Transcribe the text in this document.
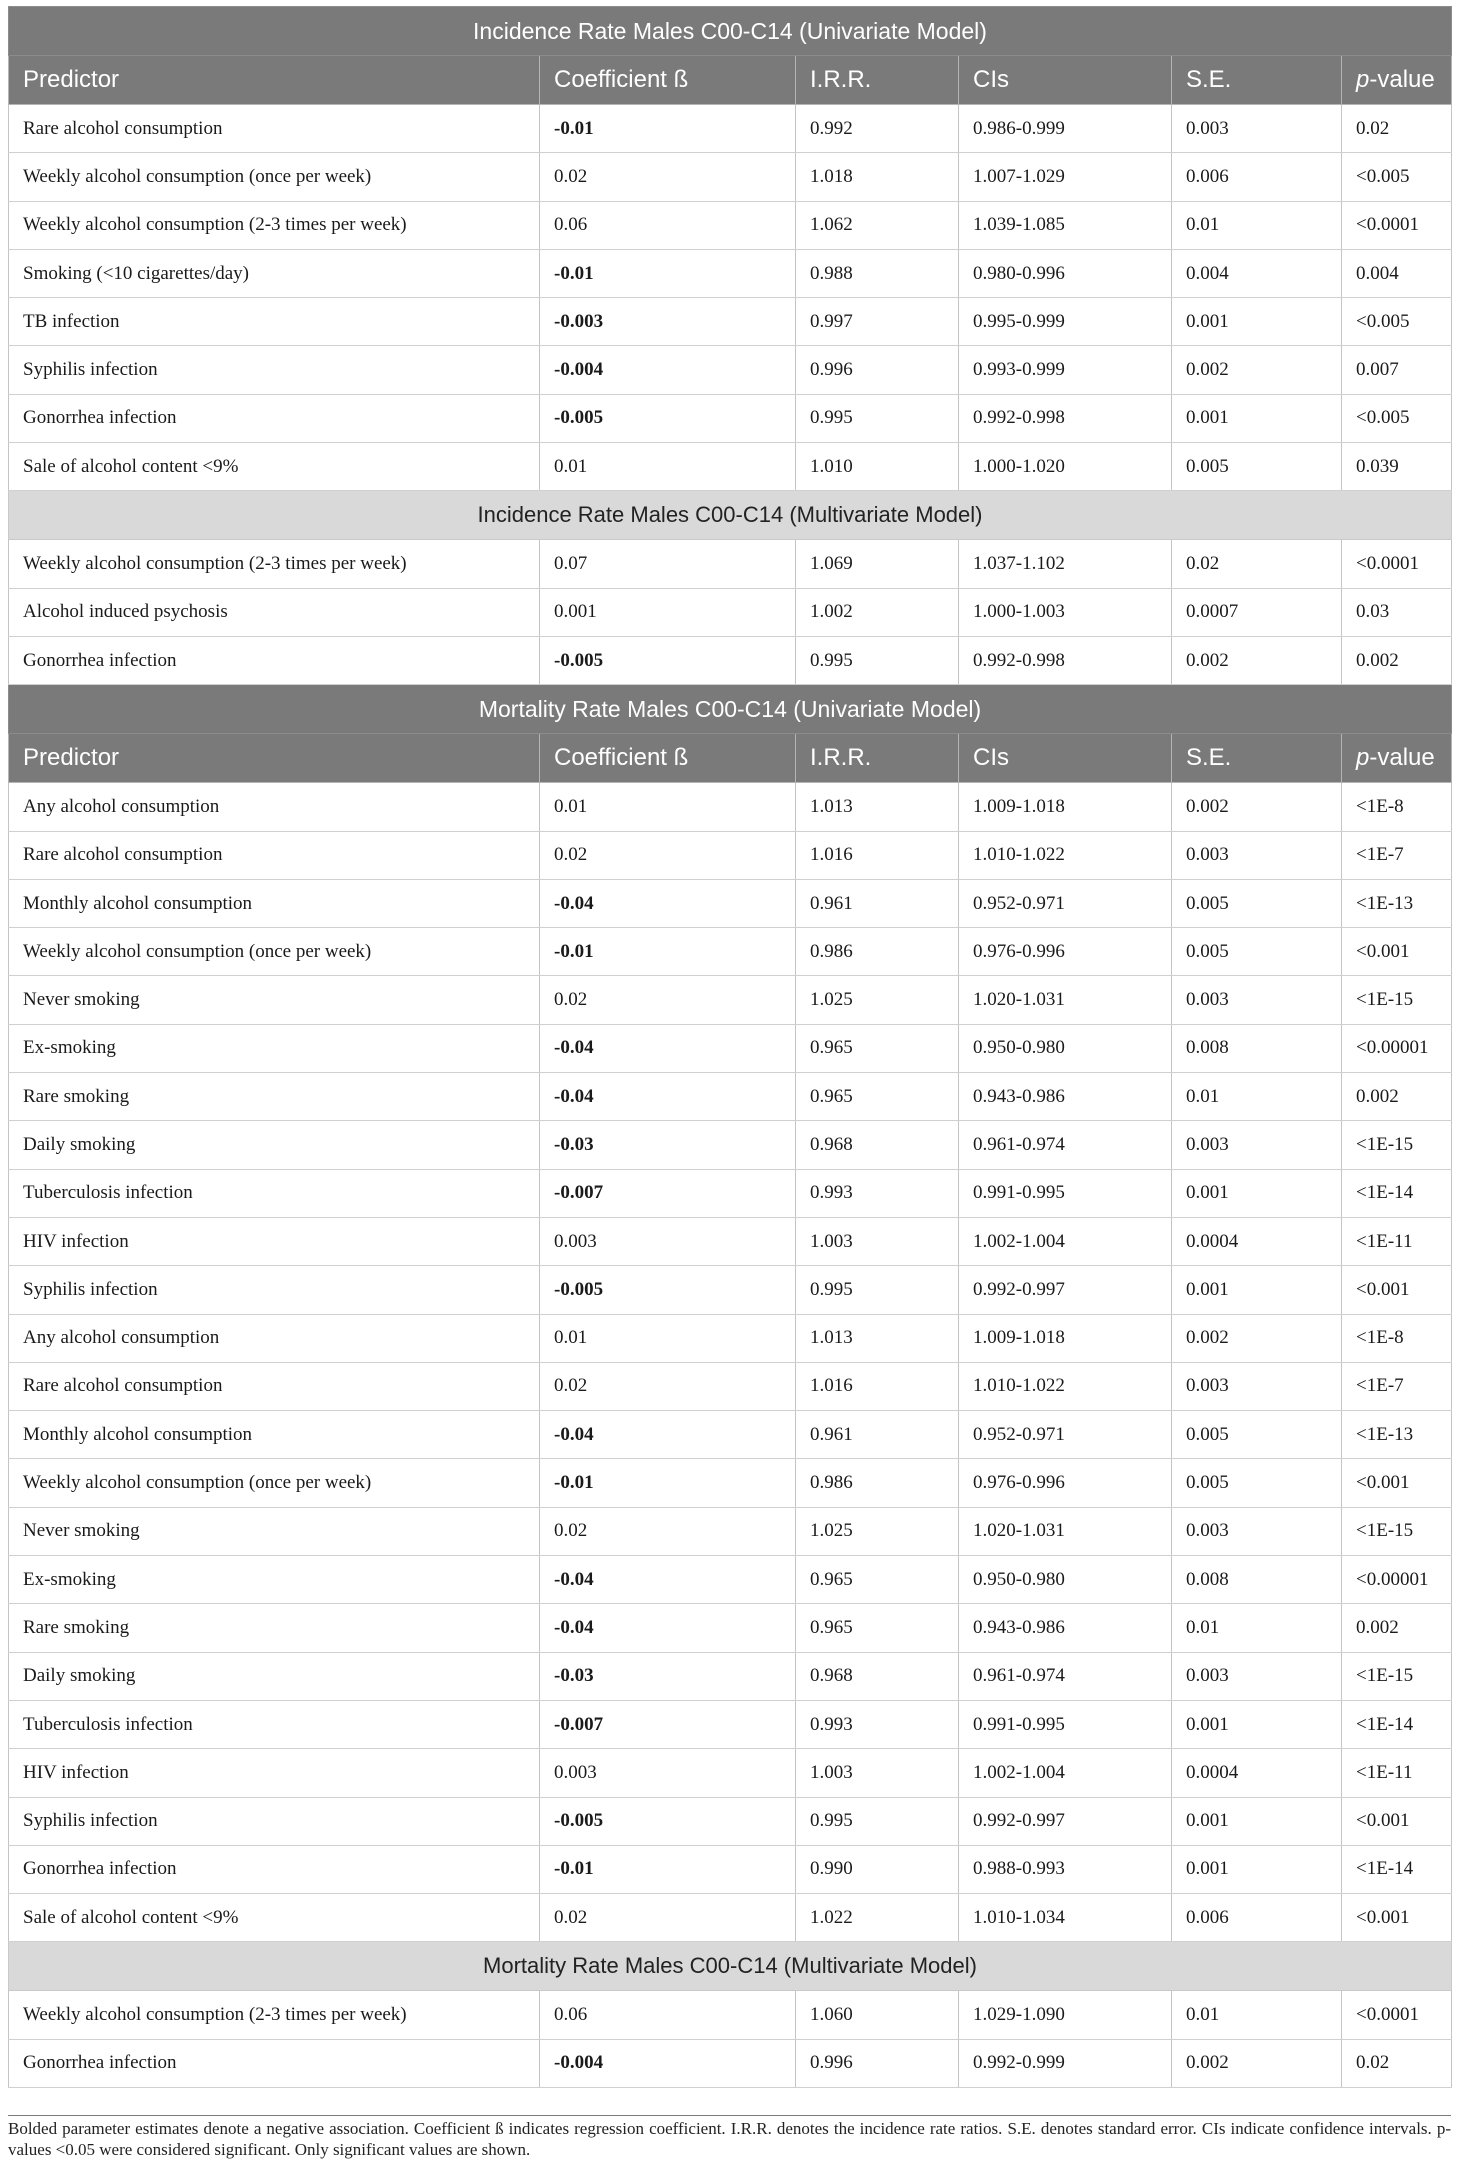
Incidence Rate Males C00-C14 (Univariate Model)					
Predictor	Coefficient ß	I.R.R.	CIs	S.E.	p-value
Rare alcohol consumption	-0.01	0.992	0.986-0.999	0.003	0.02
Weekly alcohol consumption (once per week)	0.02	1.018	1.007-1.029	0.006	<0.005
Weekly alcohol consumption (2-3 times per week)	0.06	1.062	1.039-1.085	0.01	<0.0001
Smoking (<10 cigarettes/day)	-0.01	0.988	0.980-0.996	0.004	0.004
TB infection	-0.003	0.997	0.995-0.999	0.001	<0.005
Syphilis infection	-0.004	0.996	0.993-0.999	0.002	0.007
Gonorrhea infection	-0.005	0.995	0.992-0.998	0.001	<0.005
Sale of alcohol content <9%	0.01	1.010	1.000-1.020	0.005	0.039
Incidence Rate Males C00-C14 (Multivariate Model)					
Weekly alcohol consumption (2-3 times per week)	0.07	1.069	1.037-1.102	0.02	<0.0001
Alcohol induced psychosis	0.001	1.002	1.000-1.003	0.0007	0.03
Gonorrhea infection	-0.005	0.995	0.992-0.998	0.002	0.002
Mortality Rate Males C00-C14 (Univariate Model)					
Predictor	Coefficient ß	I.R.R.	CIs	S.E.	p-value
Any alcohol consumption	0.01	1.013	1.009-1.018	0.002	<1E-8
Rare alcohol consumption	0.02	1.016	1.010-1.022	0.003	<1E-7
Monthly alcohol consumption	-0.04	0.961	0.952-0.971	0.005	<1E-13
Weekly alcohol consumption (once per week)	-0.01	0.986	0.976-0.996	0.005	<0.001
Never smoking	0.02	1.025	1.020-1.031	0.003	<1E-15
Ex-smoking	-0.04	0.965	0.950-0.980	0.008	<0.00001
Rare smoking	-0.04	0.965	0.943-0.986	0.01	0.002
Daily smoking	-0.03	0.968	0.961-0.974	0.003	<1E-15
Tuberculosis infection	-0.007	0.993	0.991-0.995	0.001	<1E-14
HIV infection	0.003	1.003	1.002-1.004	0.0004	<1E-11
Syphilis infection	-0.005	0.995	0.992-0.997	0.001	<0.001
Any alcohol consumption	0.01	1.013	1.009-1.018	0.002	<1E-8
Rare alcohol consumption	0.02	1.016	1.010-1.022	0.003	<1E-7
Monthly alcohol consumption	-0.04	0.961	0.952-0.971	0.005	<1E-13
Weekly alcohol consumption (once per week)	-0.01	0.986	0.976-0.996	0.005	<0.001
Never smoking	0.02	1.025	1.020-1.031	0.003	<1E-15
Ex-smoking	-0.04	0.965	0.950-0.980	0.008	<0.00001
Rare smoking	-0.04	0.965	0.943-0.986	0.01	0.002
Daily smoking	-0.03	0.968	0.961-0.974	0.003	<1E-15
Tuberculosis infection	-0.007	0.993	0.991-0.995	0.001	<1E-14
HIV infection	0.003	1.003	1.002-1.004	0.0004	<1E-11
Syphilis infection	-0.005	0.995	0.992-0.997	0.001	<0.001
Gonorrhea infection	-0.01	0.990	0.988-0.993	0.001	<1E-14
Sale of alcohol content <9%	0.02	1.022	1.010-1.034	0.006	<0.001
Mortality Rate Males C00-C14 (Multivariate Model)					
Weekly alcohol consumption (2-3 times per week)	0.06	1.060	1.029-1.090	0.01	<0.0001
Gonorrhea infection	-0.004	0.996	0.992-0.999	0.002	0.02
Bolded parameter estimates denote a negative association. Coefficient ß indicates regression coefficient. I.R.R. denotes the incidence rate ratios. S.E. denotes standard error. CIs indicate confidence intervals. p-values <0.05 were considered significant. Only significant values are shown.
